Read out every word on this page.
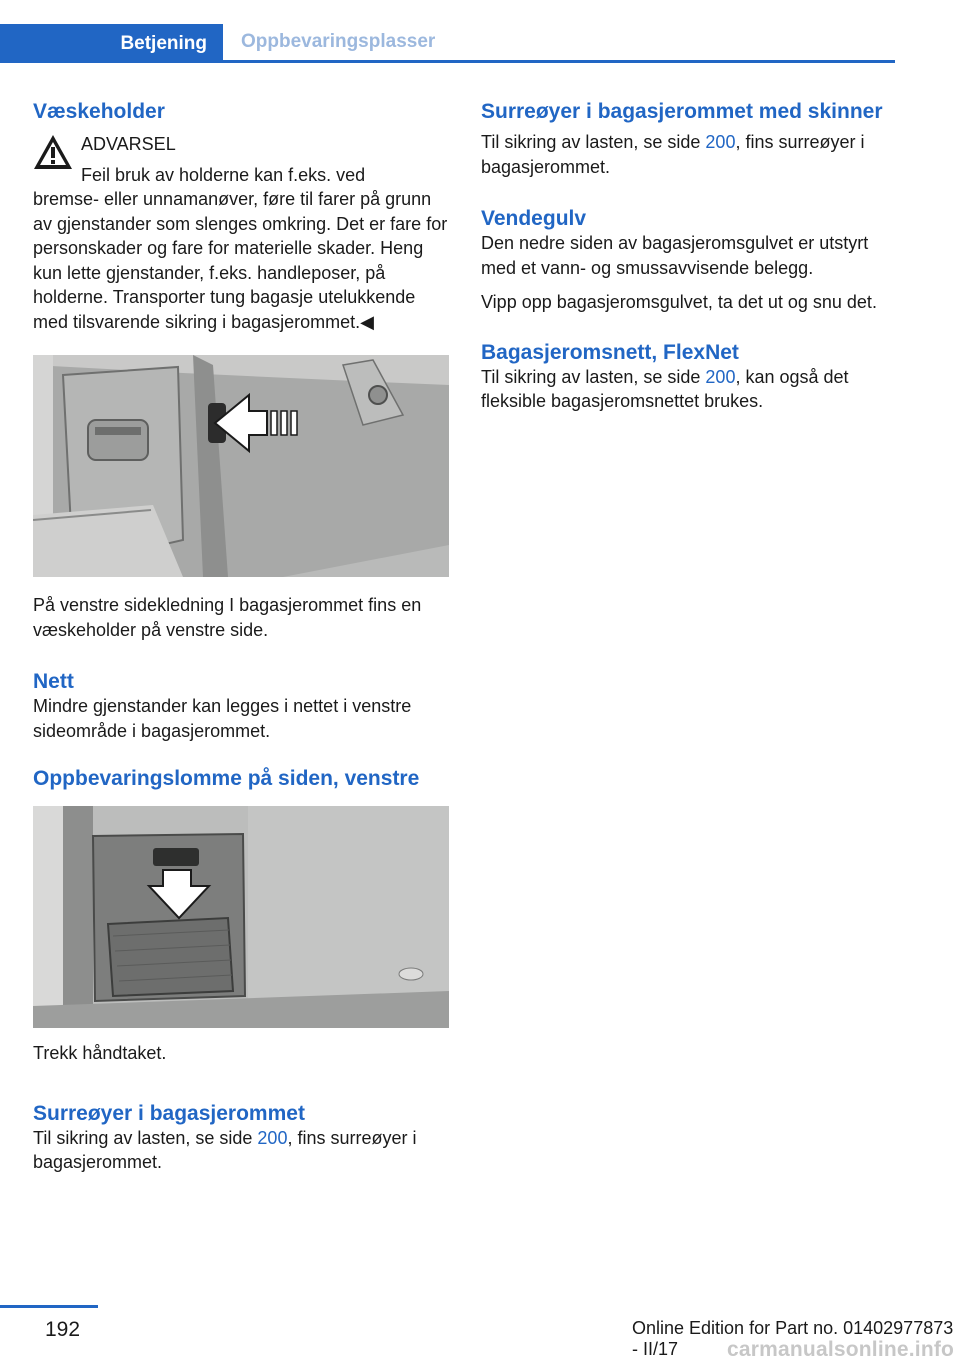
Betjening	Oppbevaringsplasser
Væskeholder
ADVARSEL
Feil bruk av holderne kan f.eks. ved

bremse- eller unnamanøver, føre til farer på grunn av gjenstander som slenges omkring. Det er fare for personskader og fare for materielle skader. Heng kun lette gjenstander, f.eks. handleposer, på holderne. Transporter tung bagasje utelukkende med tilsvarende sikring i bagasjerommet.◀

På venstre sidekledning I bagasjerommet fins en væskeholder på venstre side.

Nett

Mindre gjenstander kan legges i nettet i venstre sideområde i bagasjerommet.

Oppbevaringslomme på siden, venstre

Trekk håndtaket.

Surreøyer i bagasjerommet

Til sikring av lasten, se side 200, fins surreøyer i bagasjerommet.

Surreøyer i bagasjerommet med skinner

Til sikring av lasten, se side 200, fins surreøyer i bagasjerommet.

Vendegulv

Den nedre siden av bagasjeromsgulvet er utstyrt med et vann- og smussavvisende belegg.

Vipp opp bagasjeromsgulvet, ta det ut og snu det.

Bagasjeromsnett, FlexNet

Til sikring av lasten, se side 200, kan også det fleksible bagasjeromsnettet brukes.

192	Online Edition for Part no. 01402977873 - II/17	carmanualsonline.info
